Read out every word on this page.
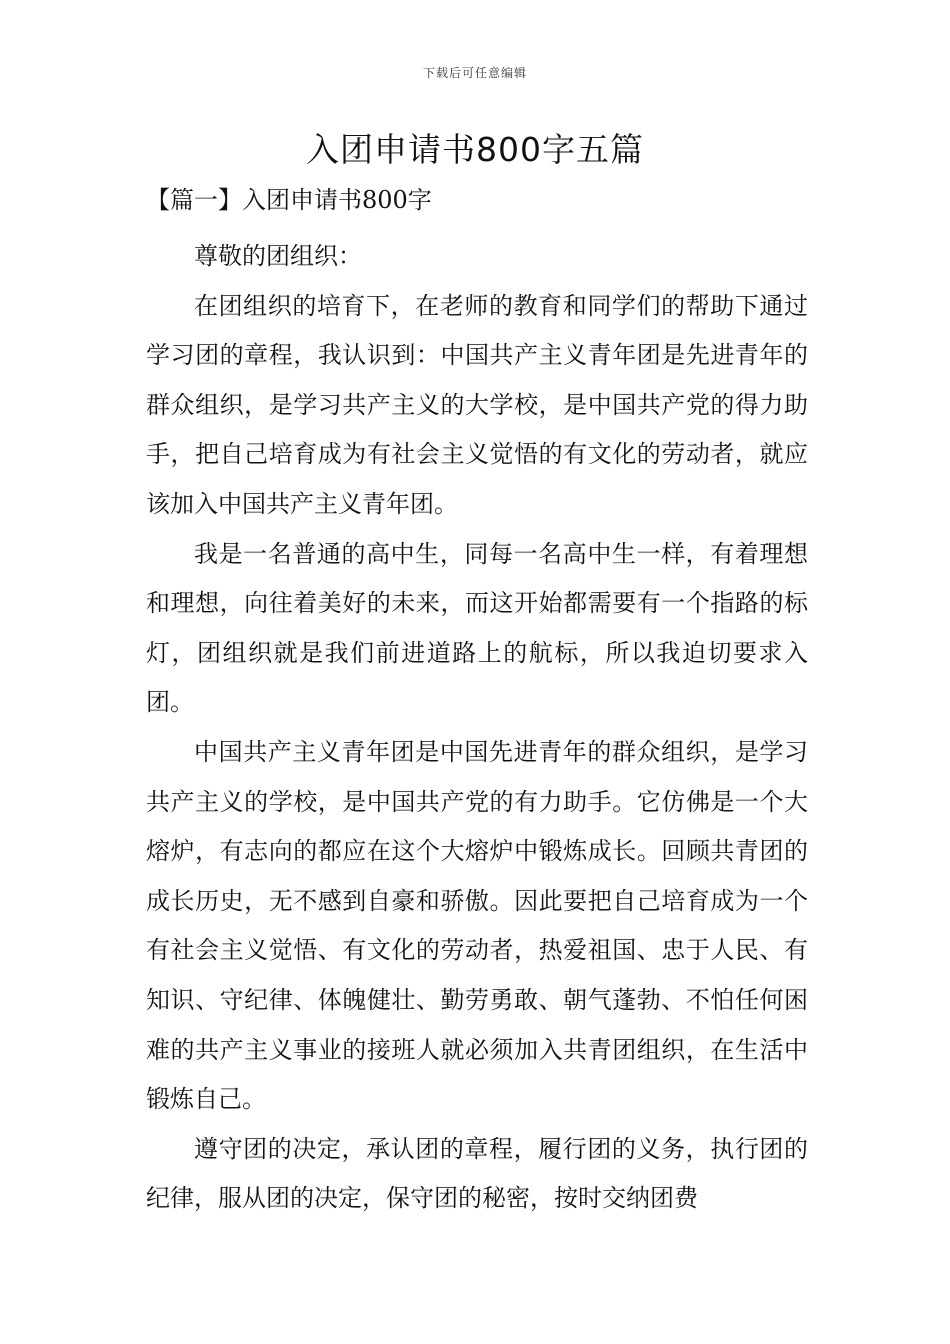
下载后可任意编辑
入团申请书800字五篇
【篇一】入团申请书800字

尊敬的团组织：

在团组织的培育下，在老师的教育和同学们的帮助下通过学习团的章程，我认识到：中国共产主义青年团是先进青年的群众组织，是学习共产主义的大学校，是中国共产党的得力助手，把自己培育成为有社会主义觉悟的有文化的劳动者，就应该加入中国共产主义青年团。

我是一名普通的高中生，同每一名高中生一样，有着理想和理想，向往着美好的未来，而这开始都需要有一个指路的标灯，团组织就是我们前进道路上的航标，所以我迫切要求入团。

中国共产主义青年团是中国先进青年的群众组织，是学习共产主义的学校，是中国共产党的有力助手。它仿佛是一个大熔炉，有志向的都应在这个大熔炉中锻炼成长。回顾共青团的成长历史，无不感到自豪和骄傲。因此要把自己培育成为一个有社会主义觉悟、有文化的劳动者，热爱祖国、忠于人民、有知识、守纪律、体魄健壮、勤劳勇敢、朝气蓬勃、不怕任何困难的共产主义事业的接班人就必须加入共青团组织，在生活中锻炼自己。

遵守团的决定，承认团的章程，履行团的义务，执行团的纪律，服从团的决定，保守团的秘密，按时交纳团费
